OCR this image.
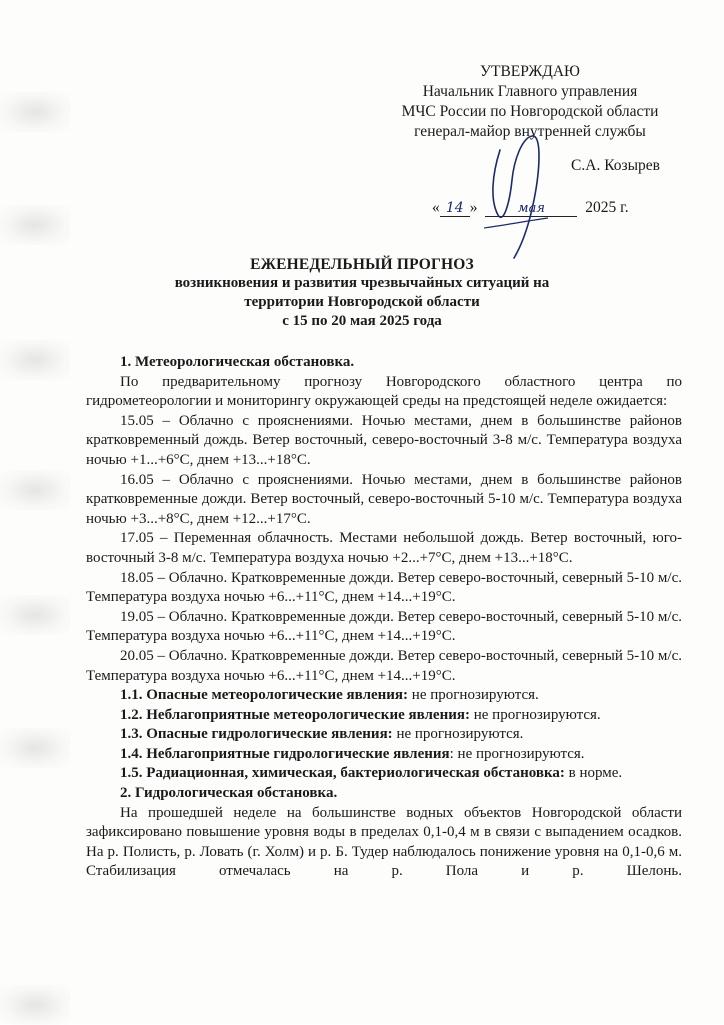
УТВЕРЖДАЮ
Начальник Главного управления
МЧС России по Новгородской области
генерал-майор внутренней службы
С.А. Козырев
« 14 »	мая	2025 г.
ЕЖЕНЕДЕЛЬНЫЙ ПРОГНОЗ
возникновения и развития чрезвычайных ситуаций на
территории Новгородской области
с 15 по 20 мая 2025 года

1. Метеорологическая обстановка.

По предварительному прогнозу Новгородского областного центра по гидрометеорологии и мониторингу окружающей среды на предстоящей неделе ожидается:

15.05 – Облачно с прояснениями. Ночью местами, днем в большинстве районов кратковременный дождь. Ветер восточный, северо-восточный 3-8 м/с. Температура воздуха ночью +1...+6°С, днем +13...+18°С.

16.05 – Облачно с прояснениями. Ночью местами, днем в большинстве районов кратковременные дожди. Ветер восточный, северо-восточный 5-10 м/с. Температура воздуха ночью +3...+8°С, днем +12...+17°С.

17.05 – Переменная облачность. Местами небольшой дождь. Ветер восточный, юго-восточный 3-8 м/с. Температура воздуха ночью +2...+7°С, днем +13...+18°С.

18.05 – Облачно. Кратковременные дожди. Ветер северо-восточный, северный 5-10 м/с. Температура воздуха ночью +6...+11°С, днем +14...+19°С.

19.05 – Облачно. Кратковременные дожди. Ветер северо-восточный, северный 5-10 м/с. Температура воздуха ночью +6...+11°С, днем +14...+19°С.

20.05 – Облачно. Кратковременные дожди. Ветер северо-восточный, северный 5-10 м/с. Температура воздуха ночью +6...+11°С, днем +14...+19°С.

1.1. Опасные метеорологические явления: не прогнозируются.

1.2. Неблагоприятные метеорологические явления: не прогнозируются.

1.3. Опасные гидрологические явления: не прогнозируются.

1.4. Неблагоприятные гидрологические явления: не прогнозируются.

1.5. Радиационная, химическая, бактериологическая обстановка: в норме.

2. Гидрологическая обстановка.

На прошедшей неделе на большинстве водных объектов Новгородской области зафиксировано повышение уровня воды в пределах 0,1-0,4 м в связи с выпадением осадков. На р. Полисть, р. Ловать (г. Холм) и р. Б. Тудер наблюдалось понижение уровня на 0,1-0,6 м. Стабилизация отмечалась на р. Пола и р. Шелонь.
